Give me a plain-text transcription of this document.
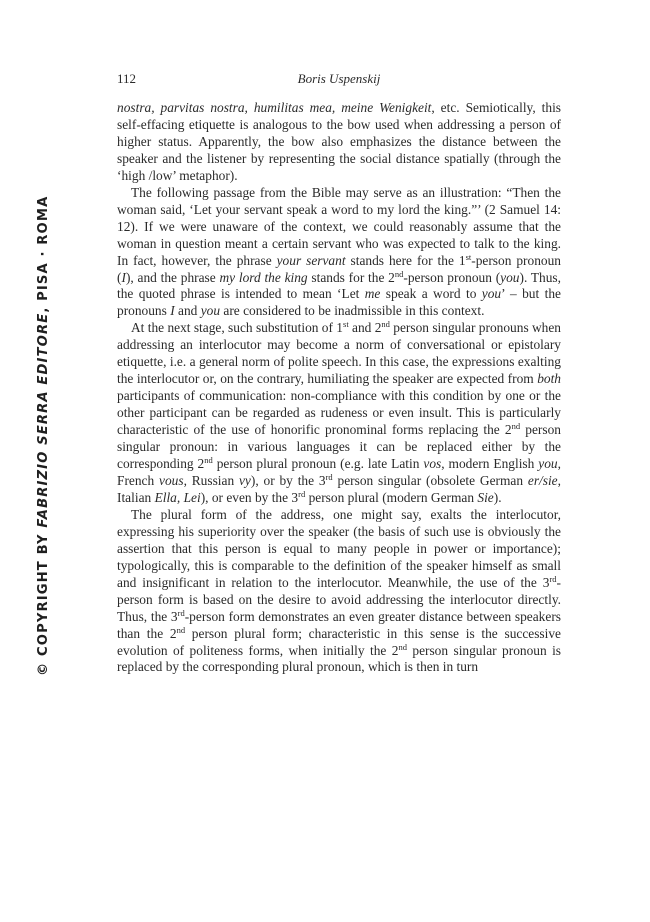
112	Boris Uspenskij

nostra, parvitas nostra, humilitas mea, meine Wenigkeit, etc. Semiotically, this self-effacing etiquette is analogous to the bow used when addressing a person of higher status. Apparently, the bow also emphasizes the distance between the speaker and the listener by representing the social distance spatially (through the ‘high /low’ metaphor).

The following passage from the Bible may serve as an illustration: “Then the woman said, ‘Let your servant speak a word to my lord the king.”’ (2 Samuel 14: 12). If we were unaware of the context, we could reasonably assume that the woman in question meant a certain servant who was expected to talk to the king. In fact, however, the phrase your servant stands here for the 1st-person pronoun (I), and the phrase my lord the king stands for the 2nd-person pronoun (you). Thus, the quoted phrase is intended to mean ‘Let me speak a word to you’ – but the pronouns I and you are considered to be inadmissible in this context.

At the next stage, such substitution of 1st and 2nd person singular pronouns when addressing an interlocutor may become a norm of conversational or epistolary etiquette, i.e. a general norm of polite speech. In this case, the expressions exalting the interlocutor or, on the contrary, humiliating the speaker are expected from both participants of communication: non-compliance with this condition by one or the other participant can be regarded as rudeness or even insult. This is particularly characteristic of the use of honorific pronominal forms replacing the 2nd person singular pronoun: in various languages it can be replaced either by the corresponding 2nd person plural pronoun (e.g. late Latin vos, modern English you, French vous, Russian vy), or by the 3rd person singular (obsolete German er/sie, Italian Ella, Lei), or even by the 3rd person plural (modern German Sie).

The plural form of the address, one might say, exalts the interlocutor, expressing his superiority over the speaker (the basis of such use is obviously the assertion that this person is equal to many people in power or importance); typologically, this is comparable to the definition of the speaker himself as small and insignificant in relation to the interlocutor. Meanwhile, the use of the 3rd-person form is based on the desire to avoid addressing the interlocutor directly. Thus, the 3rd-person form demonstrates an even greater distance between speakers than the 2nd person plural form; characteristic in this sense is the successive evolution of politeness forms, when initially the 2nd person singular pronoun is replaced by the corresponding plural pronoun, which is then in turn

© COPYRIGHT BY FABRIZIO SERRA EDITORE, PISA · ROMA
